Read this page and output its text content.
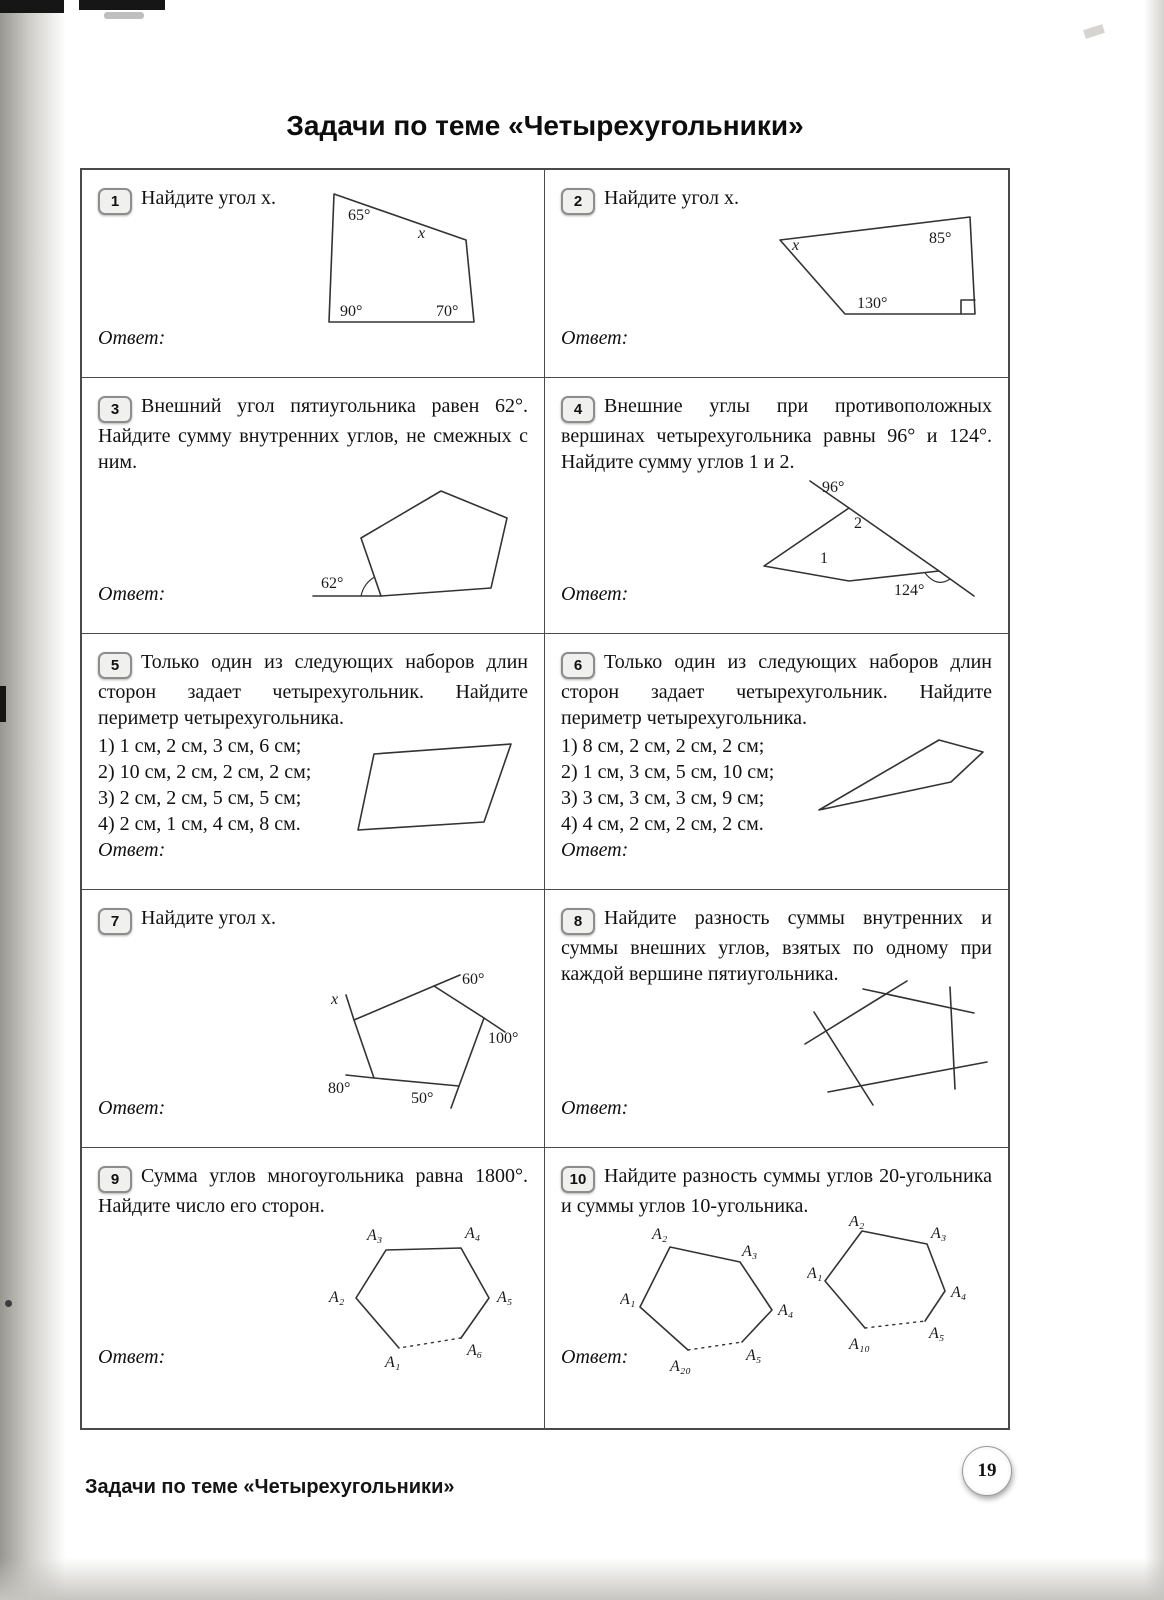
Задачи по теме «Четырехугольники»
1 Найдите угол x.
65°
x
90°	70°
Ответ:
2 Найдите угол x.
x	85°
130°
Ответ:
3 Внешний угол пятиугольника равен 62°. Найдите сумму внутренних углов, не смежных с ним.
62°
Ответ:
4 Внешние углы при противоположных вершинах четырехугольника равны 96° и 124°. Найдите сумму углов 1 и 2.
96°
2
1
124°
Ответ:
5 Только один из следующих наборов длин сторон задает четырехугольник. Найдите периметр четырехугольника.
1) 1 см, 2 см, 3 см, 6 см;
2) 10 см, 2 см, 2 см, 2 см;
3) 2 см, 2 см, 5 см, 5 см;
4) 2 см, 1 см, 4 см, 8 см.
Ответ:
6 Только один из следующих наборов длин сторон задает четырехугольник. Найдите периметр четырехугольника.
1) 8 см, 2 см, 2 см, 2 см;
2) 1 см, 3 см, 5 см, 10 см;
3) 3 см, 3 см, 3 см, 9 см;
4) 4 см, 2 см, 2 см, 2 см.
Ответ:
7 Найдите угол x.
60°
x
100°
80°
50°
Ответ:
8 Найдите разность суммы внутренних и суммы внешних углов, взятых по одному при каждой вершине пятиугольника.
Ответ:
9 Сумма углов многоугольника равна 1800°. Найдите число его сторон.
A₃	A₄
A₂	A₅
A₁
A₆
Ответ:
10 Найдите разность суммы углов 20-угольника и суммы углов 10-угольника.
A₂
A₃
A₁
A₄
A₅
A₂₀
A₂
A₃
A₁
A₄
A₅
A₁₀
Ответ:
Задачи по теме «Четырехугольники»
19
